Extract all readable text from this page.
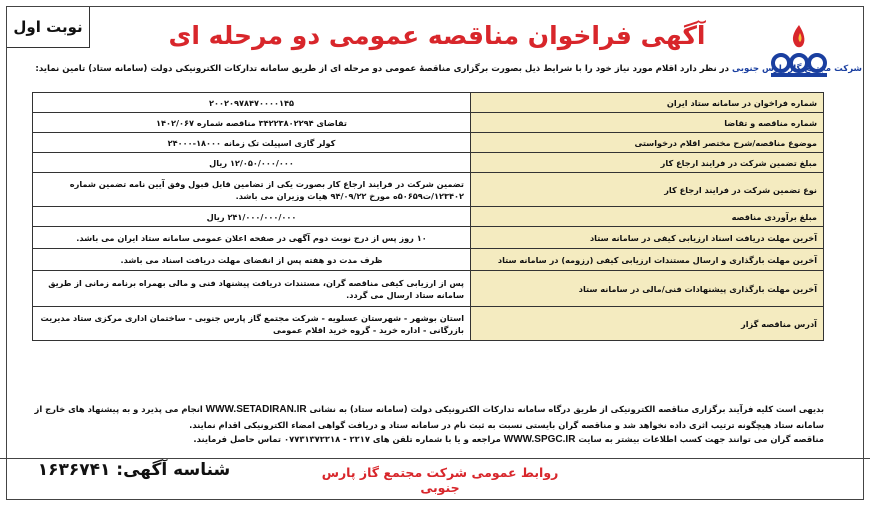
نوبت اول	آگهی فراخوان مناقصه عمومی دو مرحله ای
شرکت مجتمع گاز پارس جنوبی در نظر دارد اقلام مورد نیاز خود را با شرایط ذیل بصورت برگزاری مناقصۀ عمومی دو مرحله ای از طریق سامانه تدارکات الکترونیکی دولت (سامانه ستاد) تامین نماید:
شماره فراخوان در سامانه ستاد ایران	۲۰۰۲۰۹۷۸۴۷۰۰۰۰۱۴۵
شماره مناقصه و تقاضا	تقاضای ۳۴۲۲۳۸۰۲۲۹۴ مناقصه شماره ۱۴۰۲/۰۶۷
موضوع مناقصه/شرح مختصر اقلام درخواستی	کولر گازی اسپیلت تک زمانه ۱۸۰۰۰-۲۴۰۰۰
مبلغ تضمین شرکت در فرایند ارجاع کار	۱۲/۰۵۰/۰۰۰/۰۰۰ ریال
نوع تضمین شرکت در فرایند ارجاع کار	تضمین شرکت در فرایند ارجاع کار بصورت یکی از تضامین قابل قبول وفق آیین نامه تضمین شماره ۱۲۳۴۰۲/ت۵۰۶۵۹ه مورخ ۹۴/۰۹/۲۲ هیات وزیران می باشد.
مبلغ برآوردی مناقصه	۲۴۱/۰۰۰/۰۰۰/۰۰۰ ریال
آخرین مهلت دریافت اسناد ارزیابی کیفی در سامانه ستاد	۱۰ روز پس از درج نوبت دوم آگهی در صفحه اعلان عمومی سامانه ستاد ایران می باشد.
آخرین مهلت بارگذاری و ارسال مستندات ارزیابی کیفی (رزومه) در سامانه ستاد	ظرف مدت دو هفته پس از انقضای مهلت دریافت اسناد می باشد.
آخرین مهلت بارگذاری پیشنهادات فنی/مالی در سامانه ستاد	پس از ارزیابی کیفی مناقصه گران، مستندات دریافت پیشنهاد فنی و مالی بهمراه برنامه زمانی از طریق سامانه ستاد ارسال می گردد.
آدرس مناقصه گزار	استان بوشهر - شهرستان عسلویه - شرکت مجتمع گاز پارس جنوبی - ساختمان اداری مرکزی ستاد مدیریت بازرگانی - اداره خرید - گروه خرید اقلام عمومی
بدیهی است کلیه فرآیند برگزاری مناقصه الکترونیکی از طریق درگاه سامانه تدارکات الکترونیکی دولت (سامانه ستاد) به نشانی WWW.SETADIRAN.IR انجام می پذیرد و به پیشنهاد های خارج از
سامانه ستاد هیچگونه ترتیب اثری داده نخواهد شد و مناقصه گران بایستی نسبت به ثبت نام در سامانه ستاد و دریافت گواهی امضاء الکترونیکی اقدام نمایند.
مناقصه گران می توانند جهت کسب اطلاعات بیشتر به سایت WWW.SPGC.IR مراجعه و یا با شماره تلفن های ۲۲۱۷ - ۰۷۷۳۱۳۷۲۲۱۸ تماس حاصل فرمایند.
روابط عمومی شرکت مجتمع گاز پارس جنوبی
شناسه آگهی: ۱۶۳۶۷۴۱
